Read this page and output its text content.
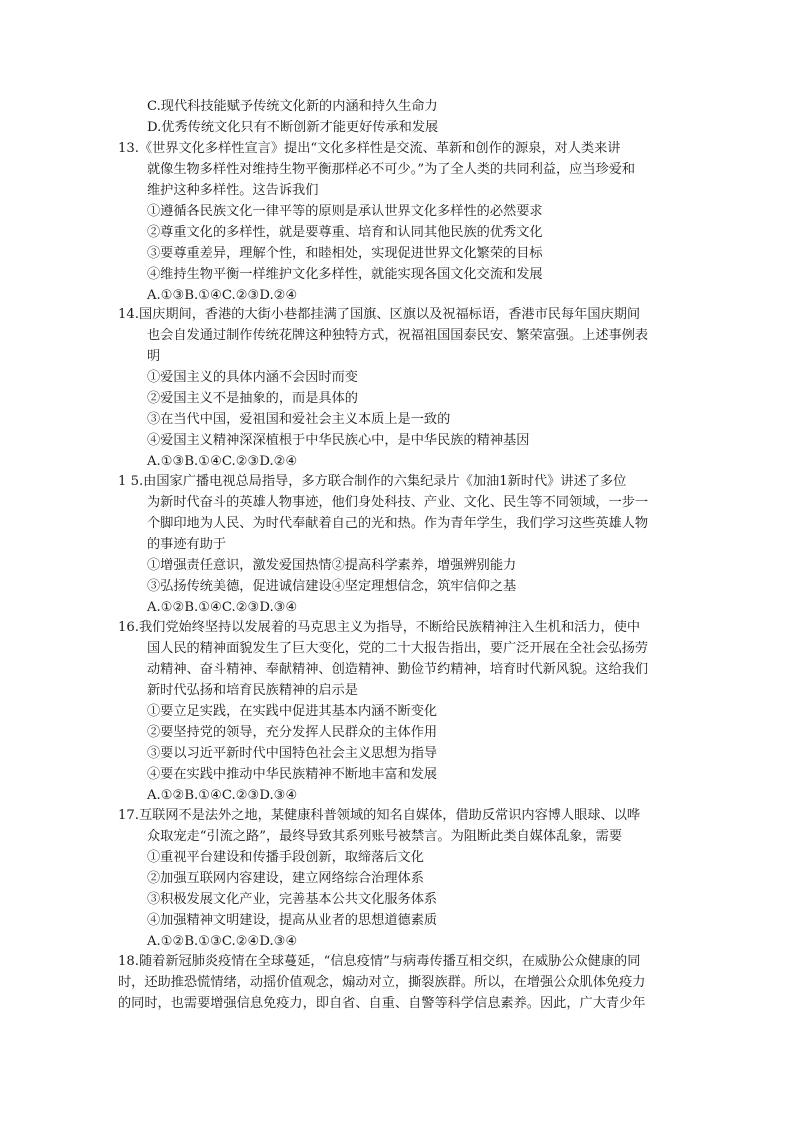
C.现代科技能赋予传统文化新的内涵和持久生命力
D.优秀传统文化只有不断创新才能更好传承和发展
13.《世界文化多样性宣言》提出“文化多样性是交流、革新和创作的源泉，对人类来讲
就像生物多样性对维持生物平衡那样必不可少。”为了全人类的共同利益，应当珍爱和
维护这种多样性。这告诉我们
①遵循各民族文化一律平等的原则是承认世界文化多样性的必然要求
②尊重文化的多样性，就是要尊重、培育和认同其他民族的优秀文化
③要尊重差异，理解个性，和睦相处，实现促进世界文化繁荣的目标
④维持生物平衡一样维护文化多样性，就能实现各国文化交流和发展
A.①③B.①④C.②③D.②④
14.国庆期间，香港的大街小巷都挂满了国旗、区旗以及祝福标语，香港市民每年国庆期间
也会自发通过制作传统花牌这种独特方式，祝福祖国国泰民安、繁荣富强。上述事例表
明
①爱国主义的具体内涵不会因时而变
②爱国主义不是抽象的，而是具体的
③在当代中国，爱祖国和爱社会主义本质上是一致的
④爱国主义精神深深植根于中华民族心中，是中华民族的精神基因
A.①③B.①④C.②③D.②④
1 5.由国家广播电视总局指导，多方联合制作的六集纪录片《加油1新时代》讲述了多位
为新时代奋斗的英雄人物事迹，他们身处科技、产业、文化、民生等不同领域，一步一
个脚印地为人民、为时代奉献着自己的光和热。作为青年学生，我们学习这些英雄人物
的事迹有助于
①增强责任意识，激发爱国热情②提高科学素养，增强辨别能力
③弘扬传统美德，促进诚信建设④坚定理想信念，筑牢信仰之基
A.①②B.①④C.②③D.③④
16.我们党始终坚持以发展着的马克思主义为指导，不断给民族精神注入生机和活力，使中
国人民的精神面貌发生了巨大变化，党的二十大报告指出，要广泛开展在全社会弘扬劳
动精神、奋斗精神、奉献精神、创造精神、勤俭节约精神，培育时代新风貌。这给我们
新时代弘扬和培育民族精神的启示是
①要立足实践，在实践中促进其基本内涵不断变化
②要坚持党的领导，充分发挥人民群众的主体作用
③要以习近平新时代中国特色社会主义思想为指导
④要在实践中推动中华民族精神不断地丰富和发展
A.①②B.①④C.②③D.③④
17.互联网不是法外之地，某健康科普领域的知名自媒体，借助反常识内容博人眼球、以哗
众取宠走“引流之路”，最终导致其系列账号被禁言。为阻断此类自媒体乱象，需要
①重视平台建设和传播手段创新，取缔落后文化
②加强互联网内容建设，建立网络综合治理体系
③积极发展文化产业，完善基本公共文化服务体系
④加强精神文明建设，提高从业者的思想道德素质
A.①②B.①③C.②④D.③④
18.随着新冠肺炎疫情在全球蔓延，“信息疫情”与病毒传播互相交织，在威胁公众健康的同
时，还助推恐慌情绪，动摇价值观念，煽动对立，撕裂族群。所以，在增强公众肌体免疫力
的同时，也需要增强信息免疫力，即自省、自重、自警等科学信息素养。因此，广大青少年
